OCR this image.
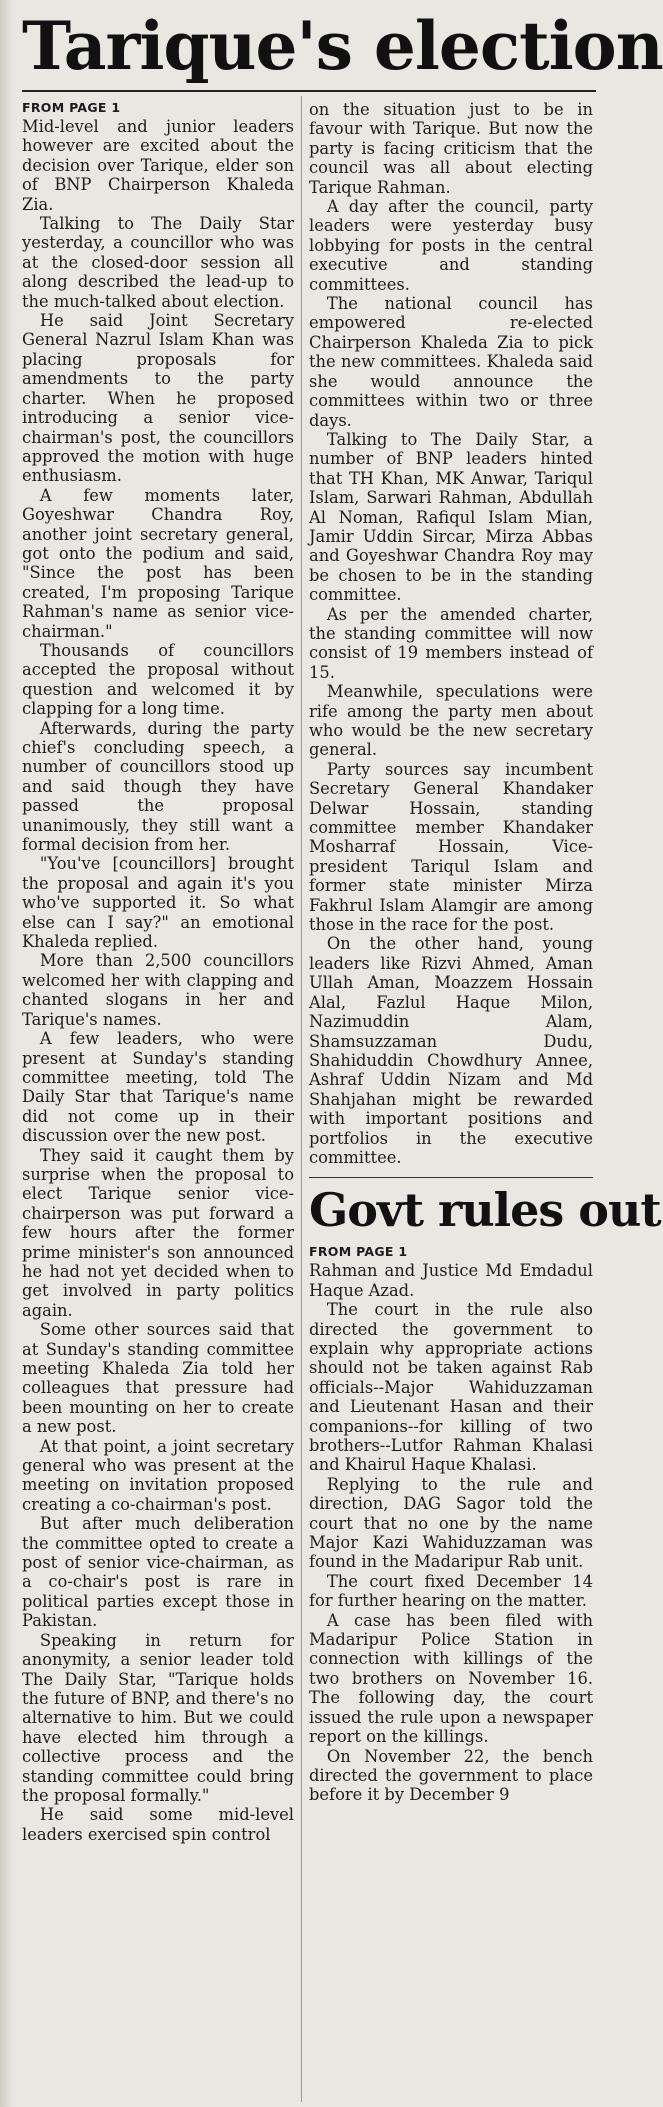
Tarique's election
FROM PAGE 1

Mid-level and junior leaders however are excited about the decision over Tarique, elder son of BNP Chairperson Khaleda Zia.

Talking to The Daily Star yesterday, a councillor who was at the closed-door session all along described the lead-up to the much-talked about election.

He said Joint Secretary General Nazrul Islam Khan was placing proposals for amendments to the party charter. When he proposed introducing a senior vice-chairman's post, the councillors approved the motion with huge enthusiasm.

A few moments later, Goyeshwar Chandra Roy, another joint secretary general, got onto the podium and said, "Since the post has been created, I'm proposing Tarique Rahman's name as senior vice-chairman."

Thousands of councillors accepted the proposal without question and welcomed it by clapping for a long time.

Afterwards, during the party chief's concluding speech, a number of councillors stood up and said though they have passed the proposal unanimously, they still want a formal decision from her.

"You've [councillors] brought the proposal and again it's you who've supported it. So what else can I say?" an emotional Khaleda replied.

More than 2,500 councillors welcomed her with clapping and chanted slogans in her and Tarique's names.

A few leaders, who were present at Sunday's standing committee meeting, told The Daily Star that Tarique's name did not come up in their discussion over the new post.

They said it caught them by surprise when the proposal to elect Tarique senior vice-chairperson was put forward a few hours after the former prime minister's son announced he had not yet decided when to get involved in party politics again.

Some other sources said that at Sunday's standing committee meeting Khaleda Zia told her colleagues that pressure had been mounting on her to create a new post.

At that point, a joint secretary general who was present at the meeting on invitation proposed creating a co-chairman's post.

But after much deliberation the committee opted to create a post of senior vice-chairman, as a co-chair's post is rare in political parties except those in Pakistan.

Speaking in return for anonymity, a senior leader told The Daily Star, "Tarique holds the future of BNP, and there's no alternative to him. But we could have elected him through a collective process and the standing committee could bring the proposal formally."

He said some mid-level leaders exercised spin control

on the situation just to be in favour with Tarique. But now the party is facing criticism that the council was all about electing Tarique Rahman.

A day after the council, party leaders were yesterday busy lobbying for posts in the central executive and standing committees.

The national council has empowered re-elected Chairperson Khaleda Zia to pick the new committees. Khaleda said she would announce the committees within two or three days.

Talking to The Daily Star, a number of BNP leaders hinted that TH Khan, MK Anwar, Tariqul Islam, Sarwari Rahman, Abdullah Al Noman, Rafiqul Islam Mian, Jamir Uddin Sircar, Mirza Abbas and Goyeshwar Chandra Roy may be chosen to be in the standing committee.

As per the amended charter, the standing committee will now consist of 19 members instead of 15.

Meanwhile, speculations were rife among the party men about who would be the new secretary general.

Party sources say incumbent Secretary General Khandaker Delwar Hossain, standing committee member Khandaker Mosharraf Hossain, Vice-president Tariqul Islam and former state minister Mirza Fakhrul Islam Alamgir are among those in the race for the post.

On the other hand, young leaders like Rizvi Ahmed, Aman Ullah Aman, Moazzem Hossain Alal, Fazlul Haque Milon, Nazimuddin Alam, Shamsuzzaman Dudu, Shahiduddin Chowdhury Annee, Ashraf Uddin Nizam and Md Shahjahan might be rewarded with important positions and portfolios in the executive committee.

Govt rules out
FROM PAGE 1

Rahman and Justice Md Emdadul Haque Azad.

The court in the rule also directed the government to explain why appropriate actions should not be taken against Rab officials--Major Wahiduzzaman and Lieutenant Hasan and their companions--for killing of two brothers--Lutfor Rahman Khalasi and Khairul Haque Khalasi.

Replying to the rule and direction, DAG Sagor told the court that no one by the name Major Kazi Wahiduzzaman was found in the Madaripur Rab unit.

The court fixed December 14 for further hearing on the matter.

A case has been filed with Madaripur Police Station in connection with killings of the two brothers on November 16. The following day, the court issued the rule upon a newspaper report on the killings.

On November 22, the bench directed the government to place before it by December 9
